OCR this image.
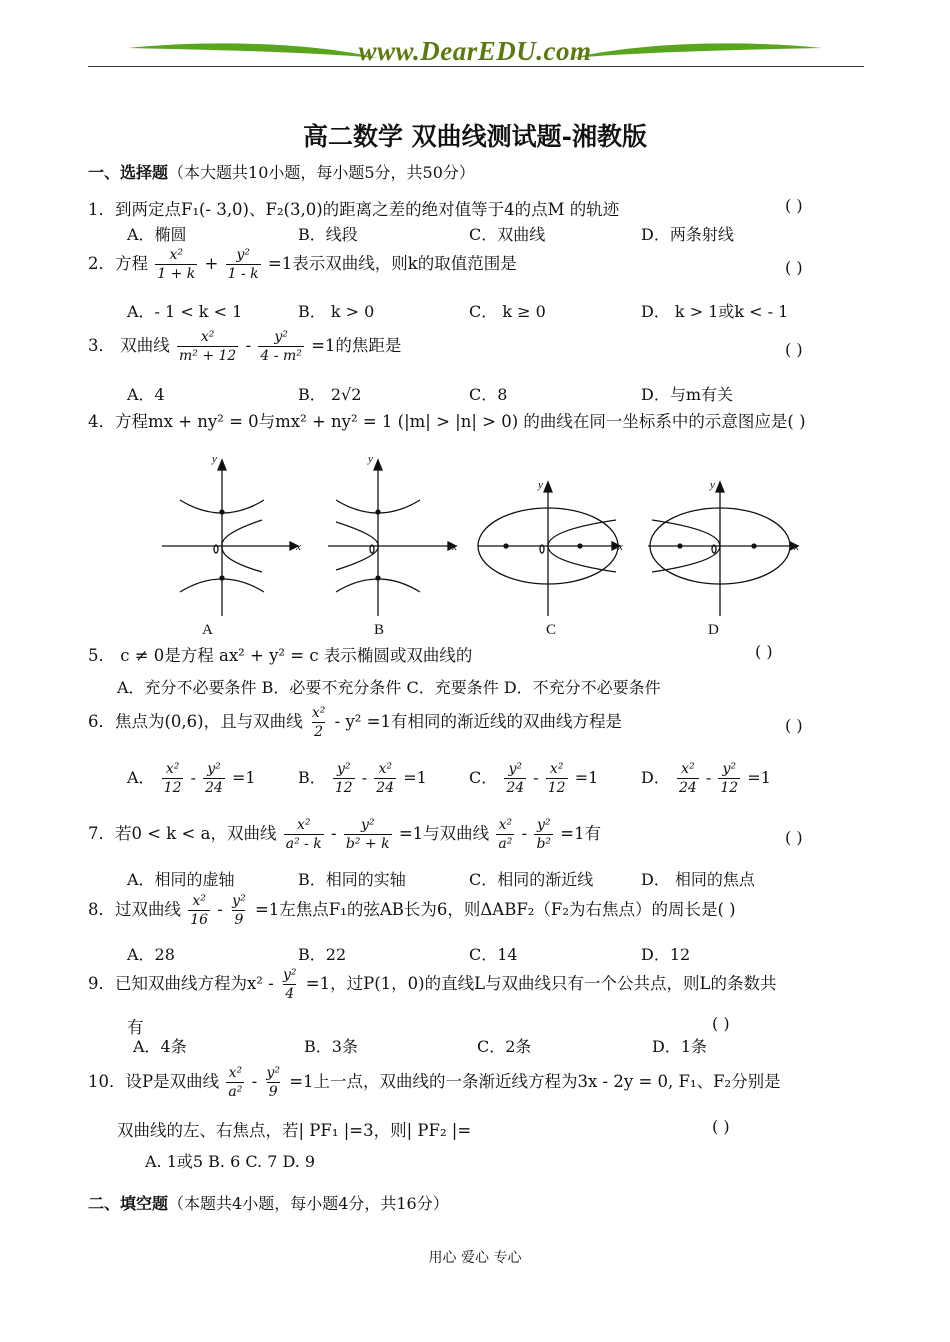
www.DearEDU.com
高二数学 双曲线测试题-湘教版
一、选择题（本大题共10小题，每小题5分，共50分）
1．到两定点F₁(- 3,0)、F₂(3,0)的距离之差的绝对值等于4的点M 的轨迹	( )
A．椭圆	B．线段	C．双曲线	D．两条射线
2．方程 $\frac{\text{x²}}{1 + k} + \frac{\text{y²}}{1 - k} =1$表示双曲线，则k的取值范围是	( )
A．- 1 < k < 1	B． k > 0	C． k ≥ 0	D． k > 1或k < - 1
3． 双曲线 $\frac{\text{x²}}{\text{m² + 12}} - \frac{\text{y²}}{\text{4 - m²}} =1$的焦距是	( )
A．4	B． 2√2	C．8	D．与m有关
4．方程mx + ny² = 0与mx² + ny² = 1 (|m| > |n| > 0) 的曲线在同一坐标系中的示意图应是( )
y
x
y
x
y
x
y
x
A	B	C	D
5． c ≠ 0是方程 ax² + y² = c 表示椭圆或双曲线的	( )
A．充分不必要条件 B．必要不充分条件 C．充要条件 D．不充分不必要条件
6．焦点为(0,6)，且与双曲线 $\frac{\text{x²}}{2} - y^2 =1$有相同的渐近线的双曲线方程是	( )
A． $\frac{\text{x²}}{12} - \frac{\text{y²}}{24} =1$	B． $\frac{\text{y²}}{12} - \frac{\text{x²}}{24} =1$	C． $\frac{\text{y²}}{24} - \frac{\text{x²}}{12} =1$	D． $\frac{\text{x²}}{24} - \frac{\text{y²}}{12} =1$
7．若0 < k < a，双曲线 $\frac{\text{x²}}{\text{a² - k}} - \frac{\text{y²}}{\text{b² + k}} =1$与双曲线 $\frac{\text{x²}}{\text{a²}} - \frac{\text{y²}}{\text{b²}} =1$有	( )
A．相同的虚轴	B．相同的实轴	C．相同的渐近线	D． 相同的焦点
8．过双曲线 $\frac{\text{x²}}{16} - \frac{\text{y²}}{9} =1$左焦点F₁的弦AB长为6，则ΔABF₂（F₂为右焦点）的周长是( )
A．28	B．22	C．14	D．12
9．已知双曲线方程为$x^2 - \frac{\text{y²}}{4} =1$，过P(1，0)的直线L与双曲线只有一个公共点，则L的条数共
有	( )
A．4条	B．3条	C．2条	D．1条
10．设P是双曲线 $\frac{\text{x²}}{\text{a²}} - \frac{\text{y²}}{9} =1$上一点，双曲线的一条渐近线方程为3x - 2y = 0, F₁、F₂分别是
双曲线的左、右焦点，若| PF₁ |=3，则| PF₂ |=	( )
A. 1或5 B. 6 C. 7 D. 9
二、填空题（本题共4小题，每小题4分，共16分）
用心 爱心 专心
